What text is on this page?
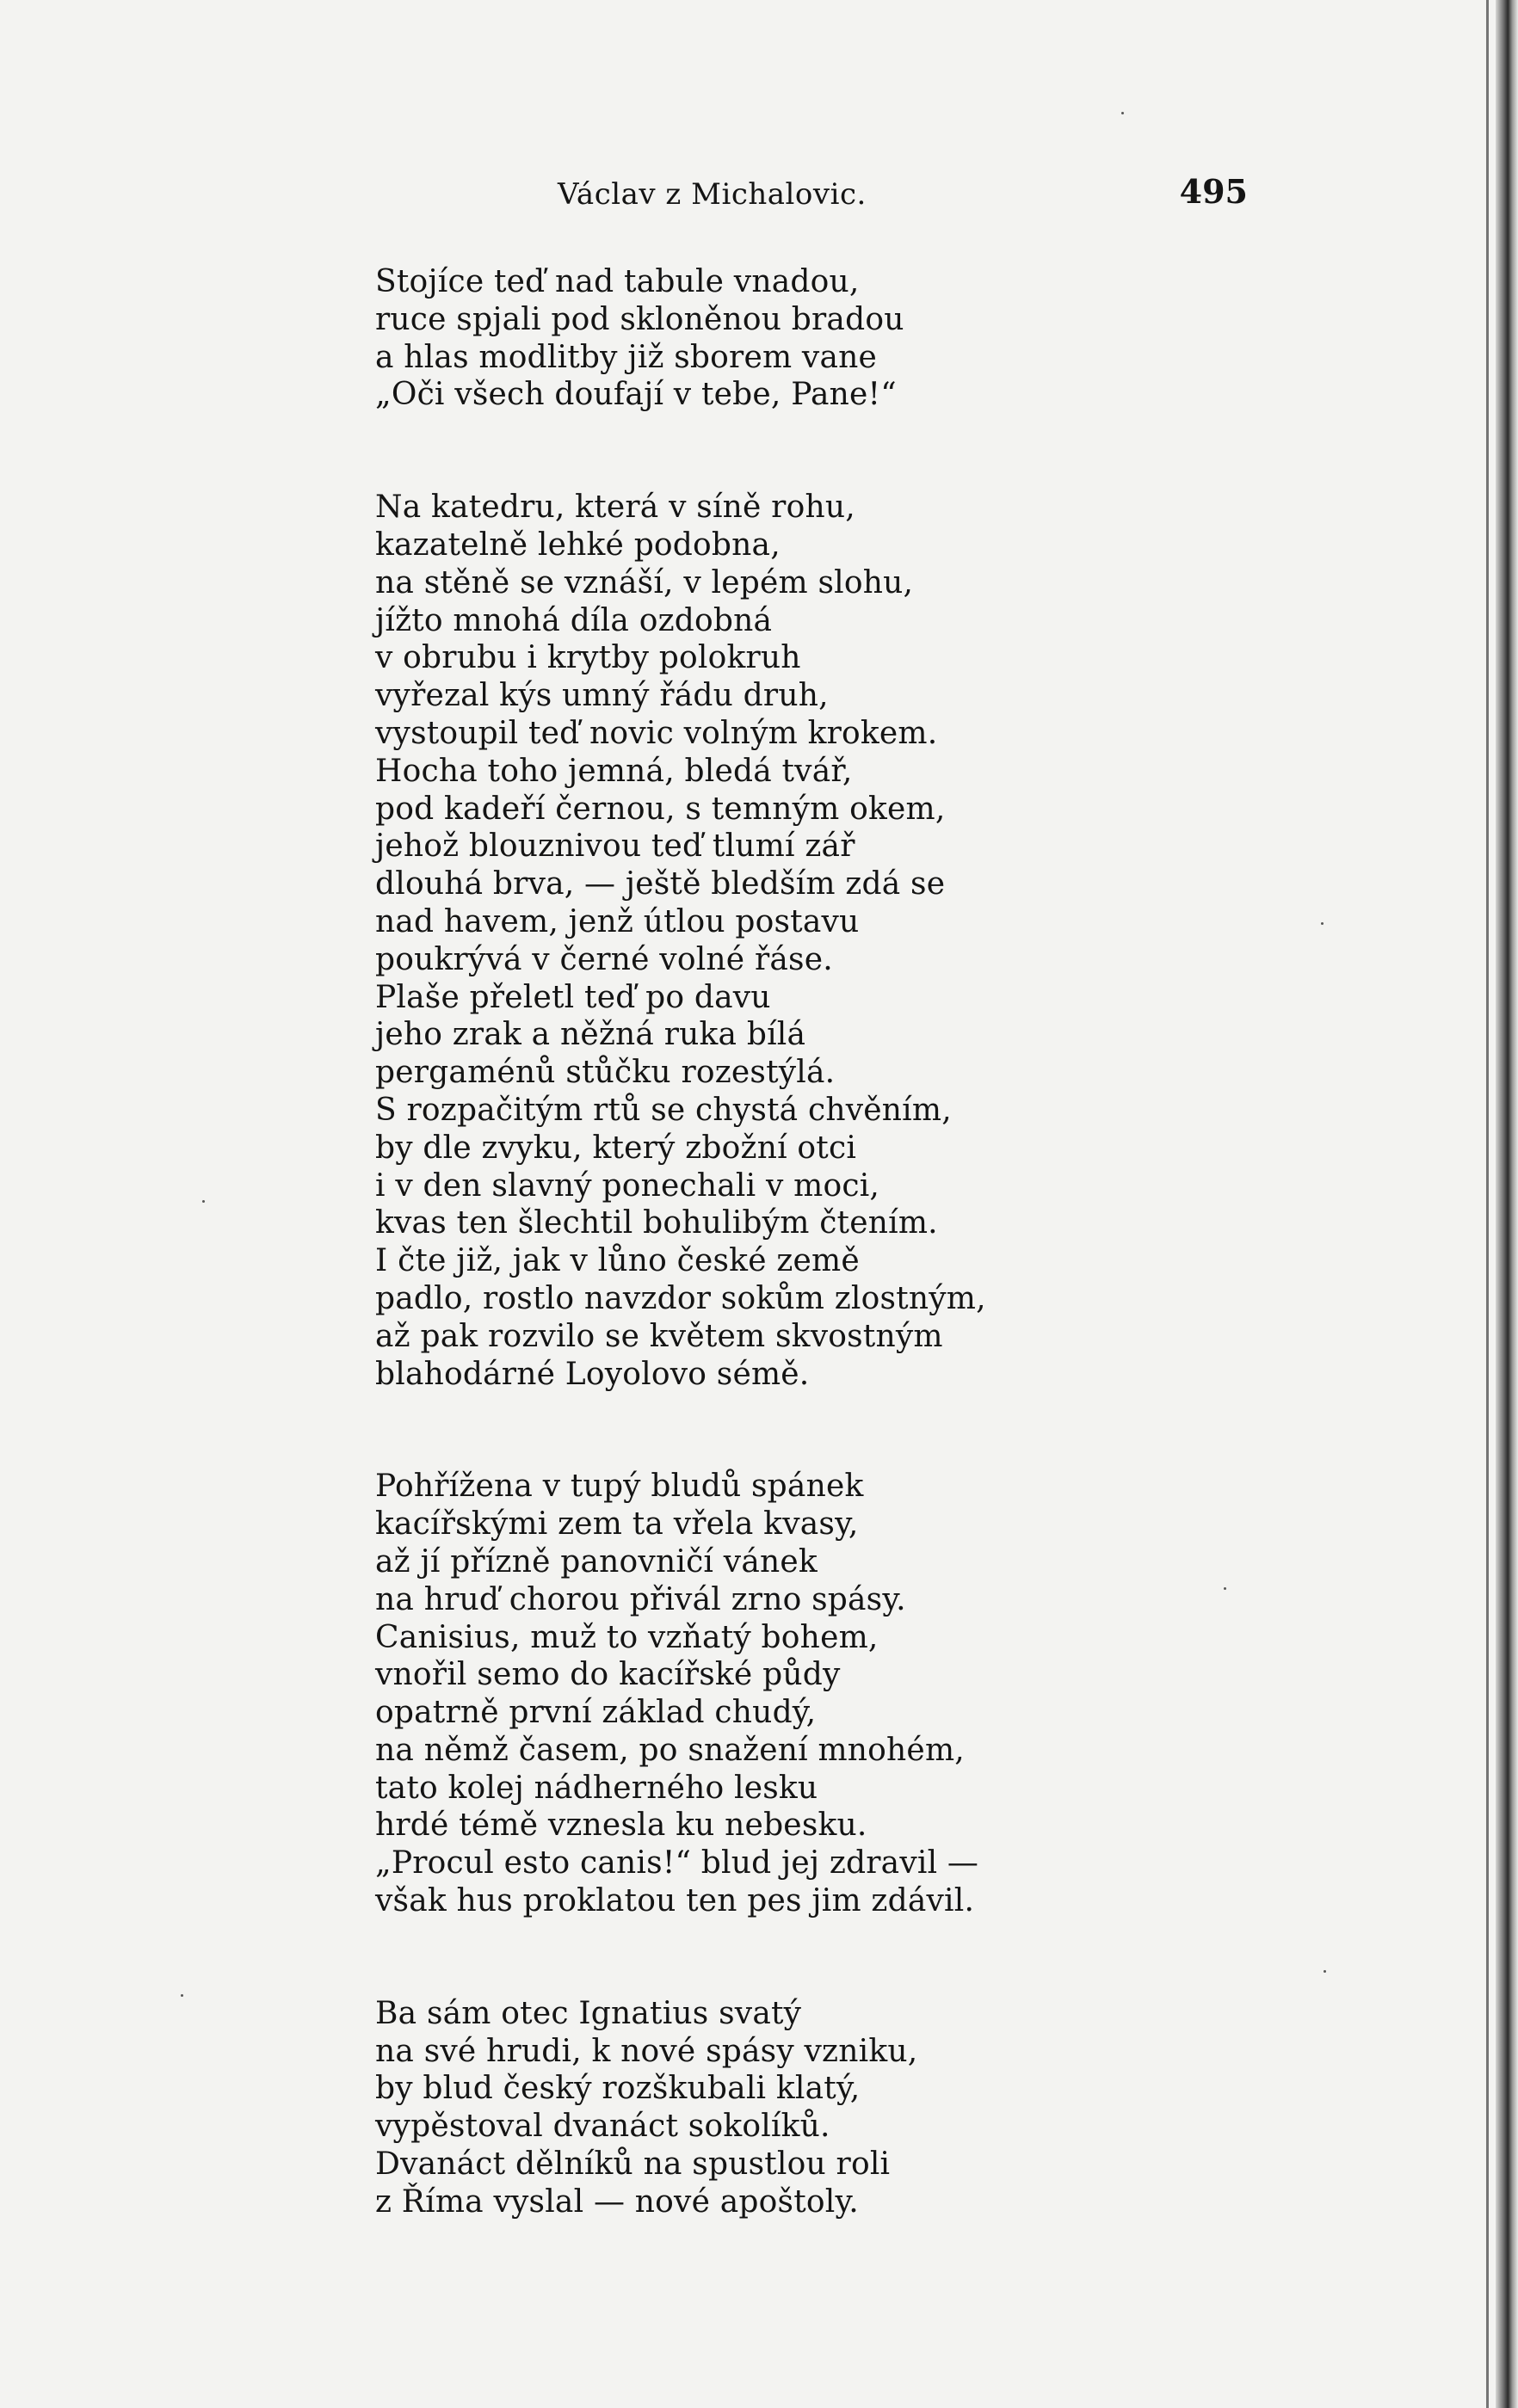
Václav z Michalovic.	495
Stojíce teď nad tabule vnadou,
ruce spjali pod skloněnou bradou
a hlas modlitby již sborem vane
„Oči všech doufají v tebe, Pane!“
Na katedru, která v síně rohu,
kazatelně lehké podobna,
na stěně se vznáší, v lepém slohu,
jížto mnohá díla ozdobná
v obrubu i krytby polokruh
vyřezal kýs umný řádu druh,
vystoupil teď novic volným krokem.
Hocha toho jemná, bledá tvář,
pod kadeří černou, s temným okem,
jehož blouznivou teď tlumí zář
dlouhá brva, — ještě bledším zdá se
nad havem, jenž útlou postavu
poukrývá v černé volné řáse.
Plaše přeletl teď po davu
jeho zrak a něžná ruka bílá
pergaménů stůčku rozestýlá.
S rozpačitým rtů se chystá chvěním,
by dle zvyku, který zbožní otci
i v den slavný ponechali v moci,
kvas ten šlechtil bohulibým čtením.
I čte již, jak v lůno české země
padlo, rostlo navzdor sokům zlostným,
až pak rozvilo se květem skvostným
blahodárné Loyolovo sémě.
Pohřížena v tupý bludů spánek
kacířskými zem ta vřela kvasy,
až jí přízně panovničí vánek
na hruď chorou přivál zrno spásy.
Canisius, muž to vzňatý bohem,
vnořil semo do kacířské půdy
opatrně první základ chudý,
na němž časem, po snažení mnohém,
tato kolej nádherného lesku
hrdé témě vznesla ku nebesku.
„Procul esto canis!“ blud jej zdravil —
však hus proklatou ten pes jim zdávil.
Ba sám otec Ignatius svatý
na své hrudi, k nové spásy vzniku,
by blud český rozškubali klatý,
vypěstoval dvanáct sokolíků.
Dvanáct dělníků na spustlou roli
z Říma vyslal — nové apoštoly.
